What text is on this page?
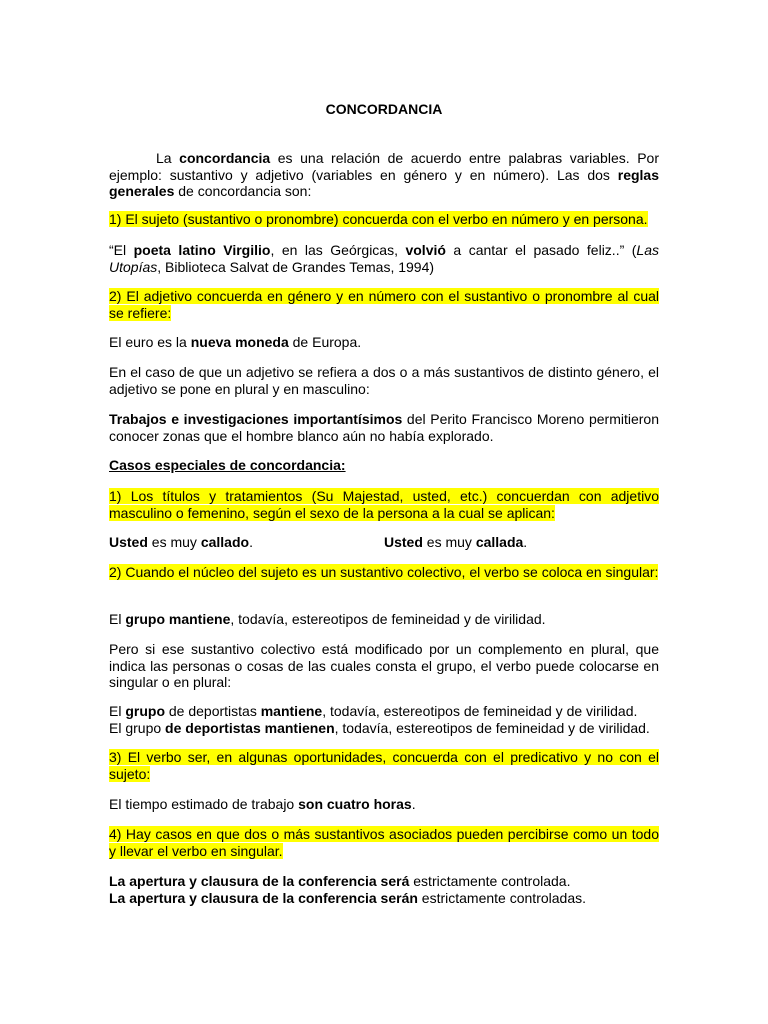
CONCORDANCIA

La concordancia es una relación de acuerdo entre palabras variables. Por ejemplo: sustantivo y adjetivo (variables en género y en número). Las dos reglas generales de concordancia son:

1) El sujeto (sustantivo o pronombre) concuerda con el verbo en número y en persona.

“El poeta latino Virgilio, en las Geórgicas, volvió a cantar el pasado feliz..” (Las Utopías, Biblioteca Salvat de Grandes Temas, 1994)

2) El adjetivo concuerda en género y en número con el sustantivo o pronombre al cual se refiere:

El euro es la nueva moneda de Europa.

En el caso de que un adjetivo se refiera a dos o a más sustantivos de distinto género, el adjetivo se pone en plural y en masculino:

Trabajos e investigaciones importantísimos del Perito Francisco Moreno permitieron conocer zonas que el hombre blanco aún no había explorado.

Casos especiales de concordancia:

1) Los títulos y tratamientos (Su Majestad, usted, etc.) concuerdan con adjetivo masculino o femenino, según el sexo de la persona a la cual se aplican:

Usted es muy callado.	Usted es muy callada.

2) Cuando el núcleo del sujeto es un sustantivo colectivo, el verbo se coloca en singular:

El grupo mantiene, todavía, estereotipos de femineidad y de virilidad.

Pero si ese sustantivo colectivo está modificado por un complemento en plural, que indica las personas o cosas de las cuales consta el grupo, el verbo puede colocarse en singular o en plural:

El grupo de deportistas mantiene, todavía, estereotipos de femineidad y de virilidad.
El grupo de deportistas mantienen, todavía, estereotipos de femineidad y de virilidad.

3) El verbo ser, en algunas oportunidades, concuerda con el predicativo y no con el sujeto:

El tiempo estimado de trabajo son cuatro horas.

4) Hay casos en que dos o más sustantivos asociados pueden percibirse como un todo y llevar el verbo en singular.

La apertura y clausura de la conferencia será estrictamente controlada.
La apertura y clausura de la conferencia serán estrictamente controladas.
